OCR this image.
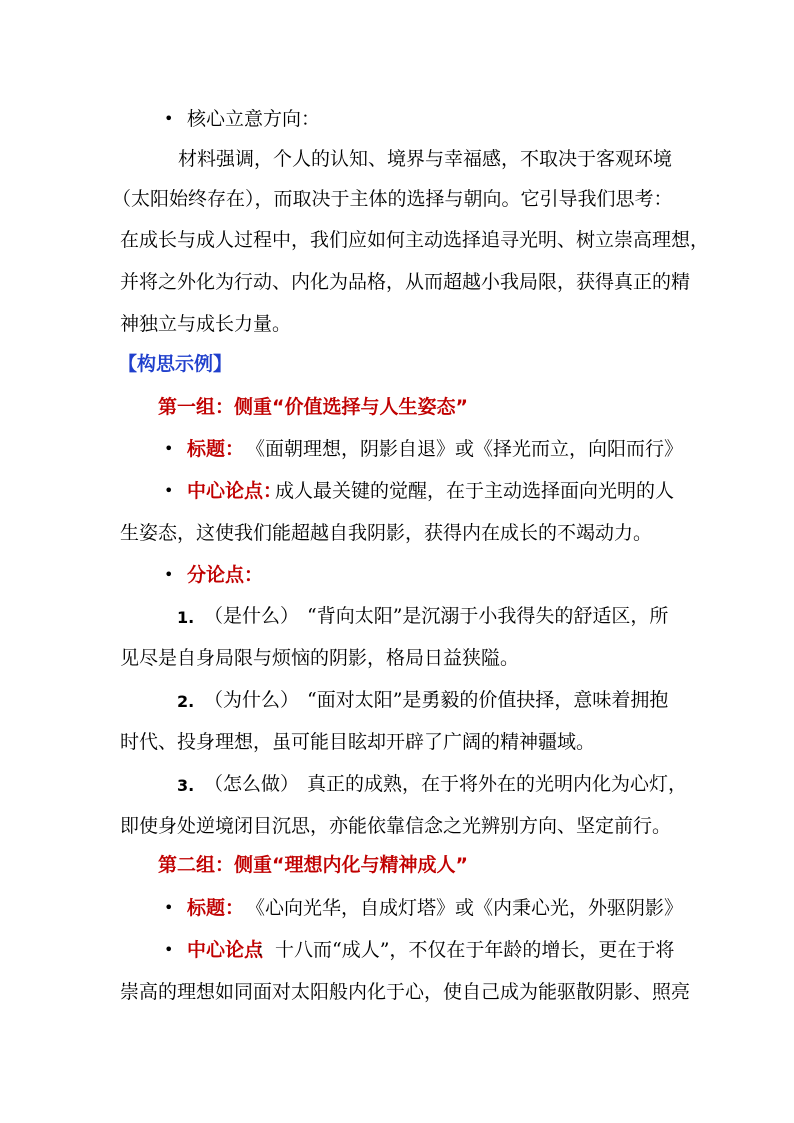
• 核心立意方向：
材料强调，个人的认知、境界与幸福感，不取决于客观环境
（太阳始终存在），而取决于主体的选择与朝向。它引导我们思考：
在成长与成人过程中，我们应如何主动选择追寻光明、树立崇高理想，
并将之外化为行动、内化为品格，从而超越小我局限，获得真正的精
神独立与成长力量。
【构思示例】
第一组：侧重“价值选择与人生姿态”
• 标题： 《面朝理想，阴影自退》或《择光而立，向阳而行》
• 中心论点：
成人最关键的觉醒，在于主动选择面向光明的人
生姿态，这使我们能超越自我阴影，获得内在成长的不竭动力。
• 分论点：
1. （是什么） “背向太阳”是沉溺于小我得失的舒适区，所
见尽是自身局限与烦恼的阴影，格局日益狭隘。
2. （为什么） “面对太阳”是勇毅的价值抉择，意味着拥抱
时代、投身理想，虽可能目眩却开辟了广阔的精神疆域。
3. （怎么做） 真正的成熟，在于将外在的光明内化为心灯，
即使身处逆境闭目沉思，亦能依靠信念之光辨别方向、坚定前行。
第二组：侧重“理想内化与精神成人”
• 标题： 《心向光华，自成灯塔》或《内秉心光，外驱阴影》
• 中心论点
：十八而“成人”，不仅在于年龄的增长，更在于将
崇高的理想如同面对太阳般内化于心，使自己成为能驱散阴影、照亮
